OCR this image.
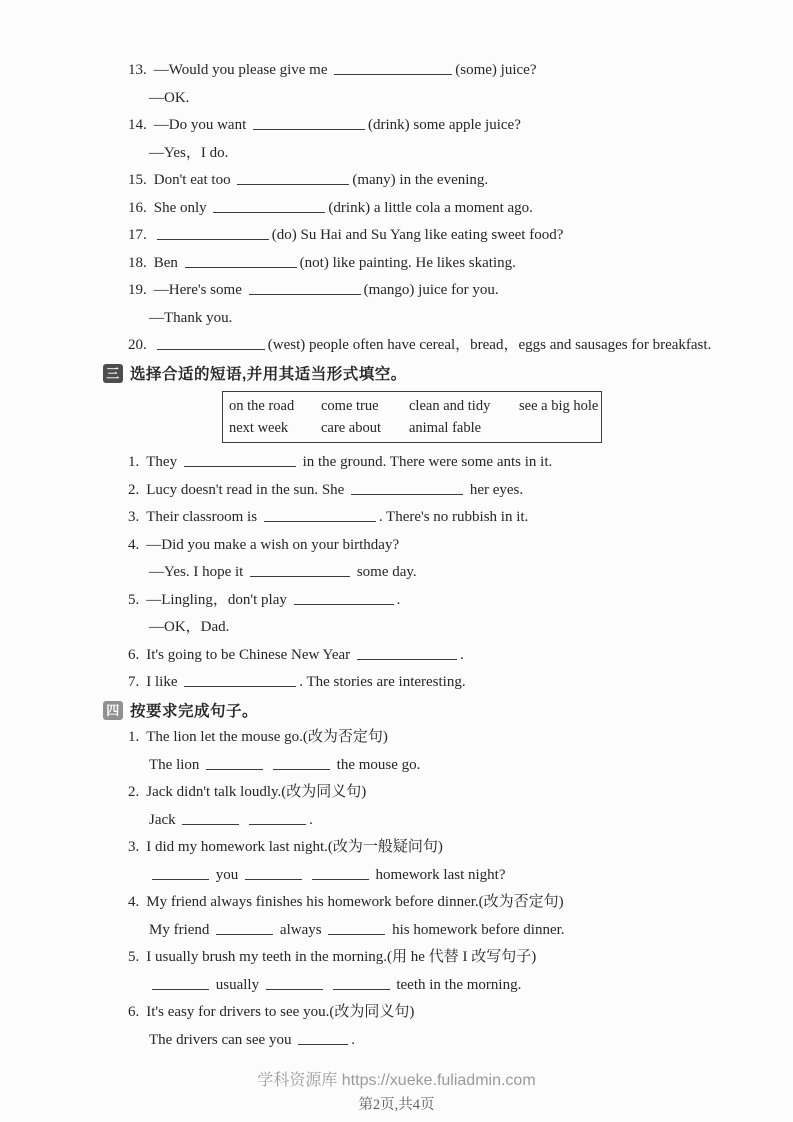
13. —Would you please give me	(some) juice?
—OK.
14. —Do you want	(drink) some apple juice?
—Yes，I do.
15. Don't eat too	(many) in the evening.
16. She only	(drink) a little cola a moment ago.
17.	(do) Su Hai and Su Yang like eating sweet food?
18. Ben	(not) like painting. He likes skating.
19. —Here's some	(mango) juice for you.
—Thank you.
20.	(west) people often have cereal，bread，eggs and sausages for breakfast.
三 选择合适的短语,并用其适当形式填空。
on the road	come true	clean and tidy	see a big hole
next week	care about	animal fable
1. They	in the ground. There were some ants in it.
2. Lucy doesn't read in the sun. She	her eyes.
3. Their classroom is	. There's no rubbish in it.
4. —Did you make a wish on your birthday?
—Yes. I hope it	some day.
5. —Lingling，don't play	.
—OK，Dad.
6. It's going to be Chinese New Year	.
7. I like	. The stories are interesting.
四 按要求完成句子。
1. The lion let the mouse go.(改为否定句)
The lion	the mouse go.
2. Jack didn't talk loudly.(改为同义句)
Jack	.
3. I did my homework last night.(改为一般疑问句)
you	homework last night?
4. My friend always finishes his homework before dinner.(改为否定句)
My friend	always	his homework before dinner.
5. I usually brush my teeth in the morning.(用 he 代替 I 改写句子)
usually	teeth in the morning.
6. It's easy for drivers to see you.(改为同义句)
The drivers can see you	.
学科资源库 https://xueke.fuliadmin.com
第2页,共4页
